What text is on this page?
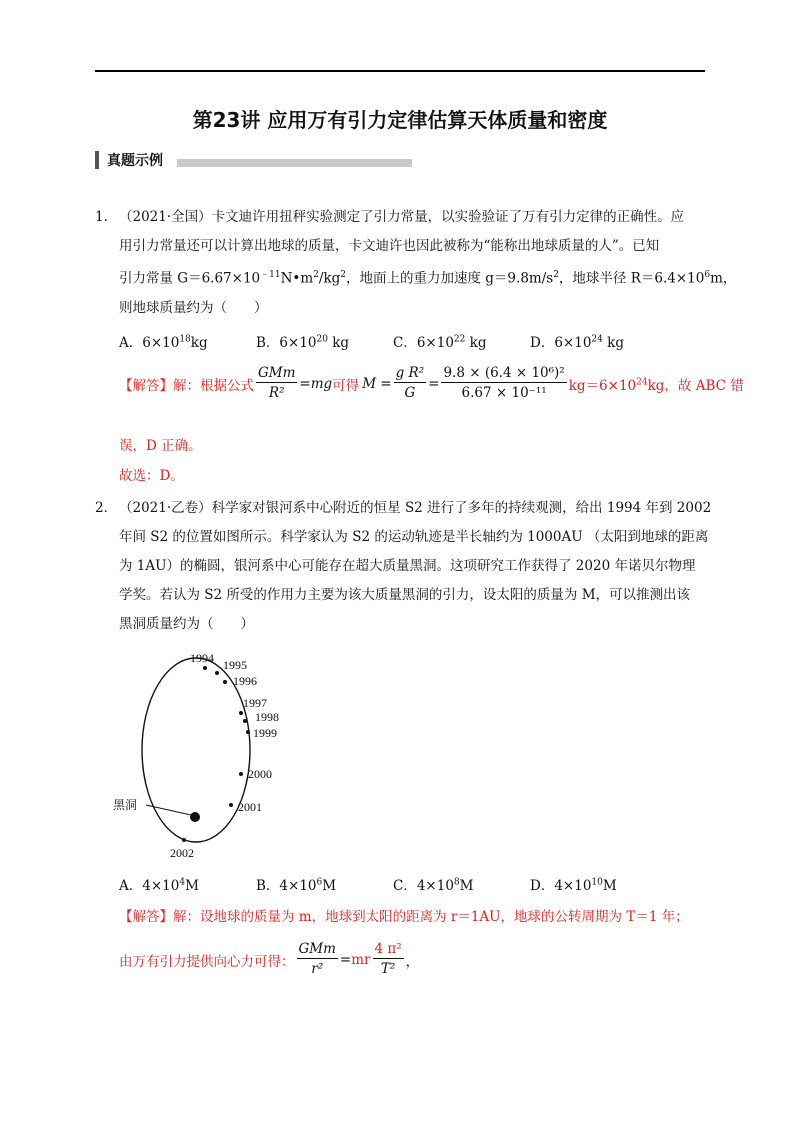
第23讲 应用万有引力定律估算天体质量和密度
真题示例
1． （2021·全国）卡文迪许用扭秤实验测定了引力常量，以实验验证了万有引力定律的正确性。应
用引力常量还可以计算出地球的质量，卡文迪许也因此被称为“能称出地球质量的人”。已知
引力常量 $G=6.67\times 10^{﹣11}N•m^2/kg^2$，地面上的重力加速度 $g=9.8m/s^2$，地球半径 $R=6.4\times 10^6m$，
则地球质量约为（　　）
A．$6\times 10^{18}kg$	B．$6\times 10^{20}$ kg	C．$6\times 10^{22}$ kg	D．$6\times 10^{24}$ kg
【解答】 解：根据公式 $\frac{\text{GMm}}{\text{R²}} =mg$ 可得 $M = \frac{\text{g R²}}{G} = \frac{\text{9.8 × (6.4 × 10⁶)²}}{\text{6.67 × 10⁻¹¹}} kg=6\times 10^{24}kg$，故 ABC 错
误，D 正确。
故选：D。
2． （2021·乙卷）科学家对银河系中心附近的恒星 S2 进行了多年的持续观测，给出 1994 年到 2002
年间 S2 的位置如图所示。科学家认为 S2 的运动轨迹是半长轴约为 1000AU （太阳到地球的距离
为 1AU）的椭圆，银河系中心可能存在超大质量黑洞。这项研究工作获得了 2020 年诺贝尔物理
学奖。若认为 S2 所受的作用力主要为该大质量黑洞的引力，设太阳的质量为 M，可以推测出该
黑洞质量约为（　　）
1994 1995
1996
1997
1998
1999
2000
2001
2002
黑洞
A．$4\times 10^4M$	B．$4\times 10^6M$	C．$4\times 10^8M$	D．$4\times 10^{10}M$
【解答】解：设地球的质量为 m，地球到太阳的距离为 r＝1AU，地球的公转周期为 T＝1 年；
由万有引力提供向心力可得： $\frac{\text{GMm}}{\text{r²}}$ = mr $\frac{\text{4 π²}}{\text{T²}}$ ，
